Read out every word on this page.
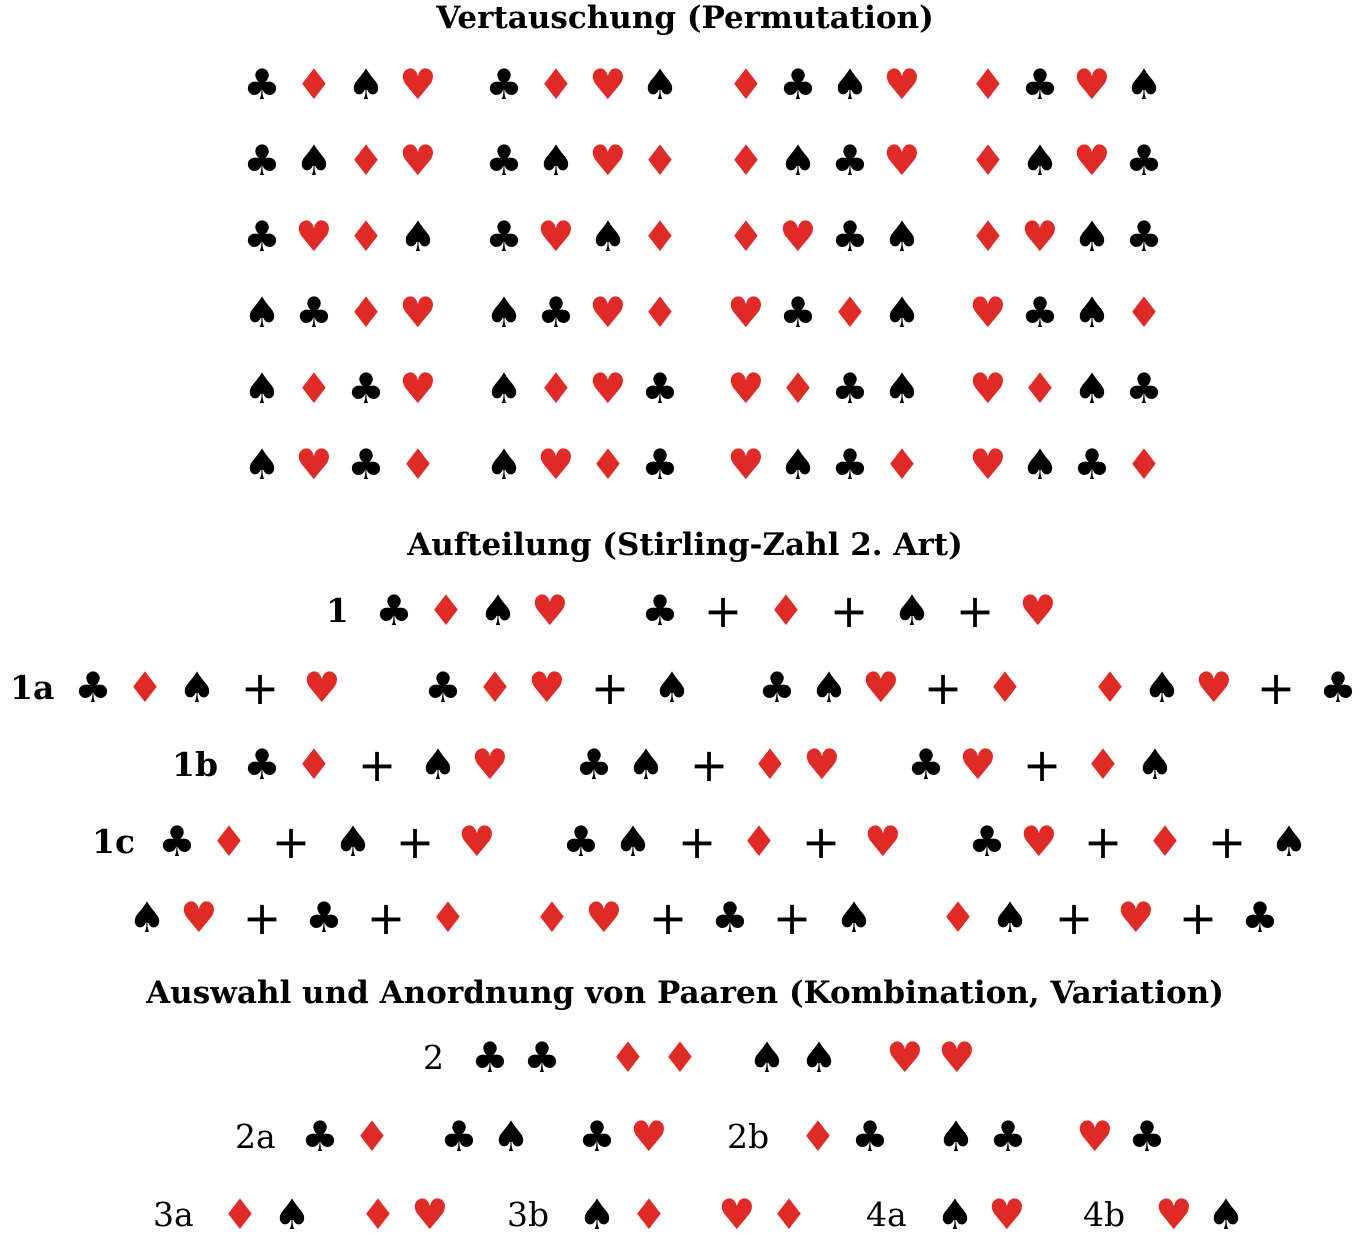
Vertauschung (Permutation)
Aufteilung (Stirling-Zahl 2. Art)
Auswahl und Anordnung von Paaren (Kombination, Variation)
♣ ♦ ♠ ♥ ♣ ♦ ♥ ♠ ♦ ♣ ♠ ♥ ♦ ♣ ♥ ♠
♣ ♠ ♦ ♥ ♣ ♠ ♥ ♦ ♦ ♠ ♣ ♥ ♦ ♠ ♥ ♣
♣ ♥ ♦ ♠ ♣ ♥ ♠ ♦ ♦ ♥ ♣ ♠ ♦ ♥ ♠ ♣
♠ ♣ ♦ ♥ ♠ ♣ ♥ ♦ ♥ ♣ ♦ ♠ ♥ ♣ ♠ ♦
♠ ♦ ♣ ♥ ♠ ♦ ♥ ♣ ♥ ♦ ♣ ♠ ♥ ♦ ♠ ♣
♠ ♥ ♣ ♦ ♠ ♥ ♦ ♣ ♥ ♠ ♣ ♦ ♥ ♠ ♣ ♦
1 ♣ ♦ ♠ ♥ ♣ + ♦ + ♠ + ♥
1a ♣ ♦ ♠ + ♥ ♣ ♦ ♥ + ♠ ♣ ♠ ♥ + ♦ ♦ ♠ ♥ + ♣
1b ♣ ♦ + ♠ ♥ ♣ ♠ + ♦ ♥ ♣ ♥ + ♦ ♠
1c ♣ ♦ + ♠ + ♥ ♣ ♠ + ♦ + ♥ ♣ ♥ + ♦ + ♠
♠ ♥ + ♣ + ♦ ♦ ♥ + ♣ + ♠ ♦ ♠ + ♥ + ♣
2 ♣ ♣ ♦ ♦ ♠ ♠ ♥ ♥
2a ♣ ♦ ♣ ♠ ♣ ♥ 2b ♦ ♣ ♠ ♣ ♥ ♣
3a ♦ ♠ ♦ ♥ 3b ♠ ♦ ♥ ♦ 4a ♠ ♥ 4b ♥ ♠
